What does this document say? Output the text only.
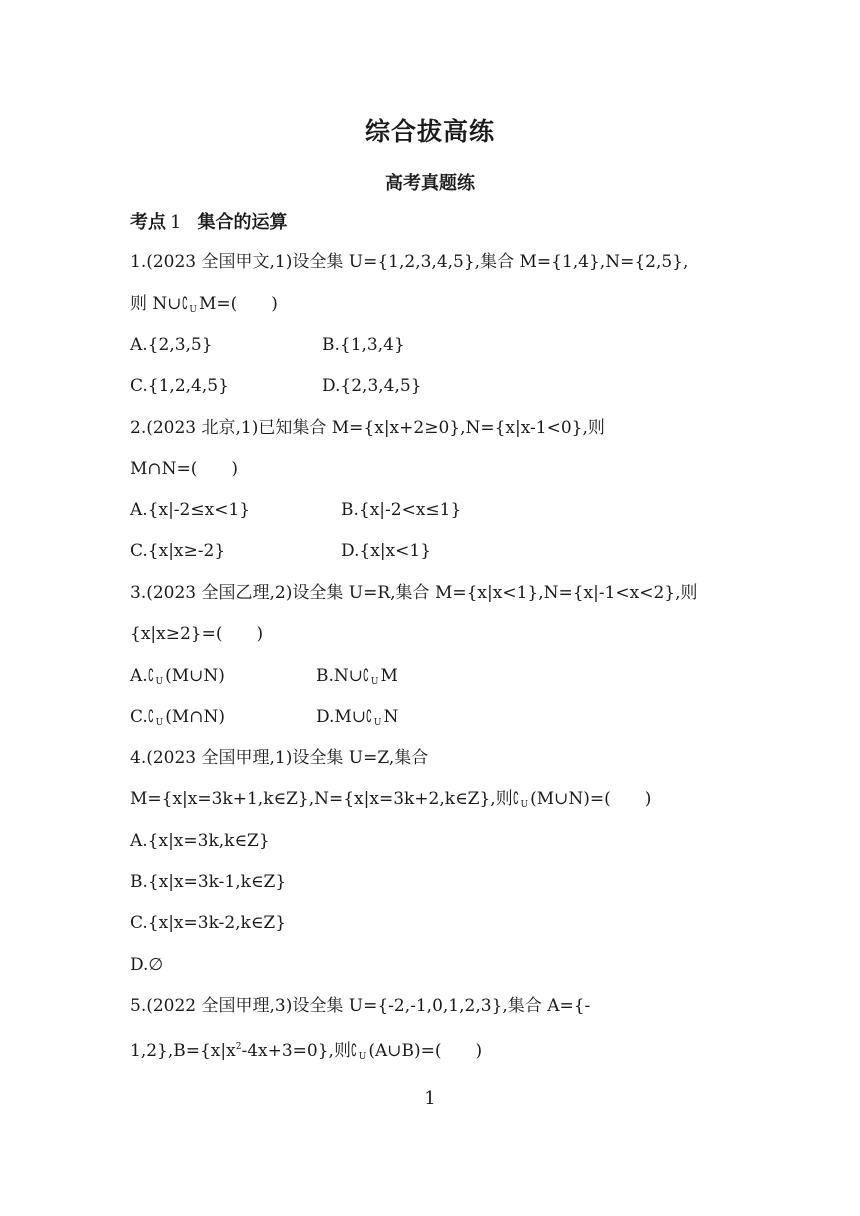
综合拔高练
高考真题练
考点 1 集合的运算
1.(2023 全国甲文,1)设全集 U={1,2,3,4,5},集合 M={1,4},N={2,5},
则 N∪∁ $_U$ M=(　　)
A.{2,3,5}	B.{1,3,4}
C.{1,2,4,5}	D.{2,3,4,5}
2.(2023 北京,1)已知集合 M={x|x+2≥0},N={x|x-1<0},则
M∩N=(　　)
A.{x|-2≤x<1}	B.{x|-2<x≤1}
C.{x|x≥-2}	D.{x|x<1}
3.(2023 全国乙理,2)设全集 U=R,集合 M={x|x<1},N={x|-1<x<2},则
{x|x≥2}=(　　)
A.∁ $_U$ (M∪N)	B.N∪∁ $_U$ M
C.∁ $_U$ (M∩N)	D.M∪∁ $_U$ N
4.(2023 全国甲理,1)设全集 U=Z,集合
M={x|x=3k+1,k∈Z},N={x|x=3k+2,k∈Z},则∁ $_U$ (M∪N)=(　　)
A.{x|x=3k,k∈Z}
B.{x|x=3k-1,k∈Z}
C.{x|x=3k-2,k∈Z}
D.∅
5.(2022 全国甲理,3)设全集 U={-2,-1,0,1,2,3},集合 A={-
$1,2\},B=\{x|x^2-4x+3=0\}$,则∁ $_U$ (A∪B)=(　　)
1
